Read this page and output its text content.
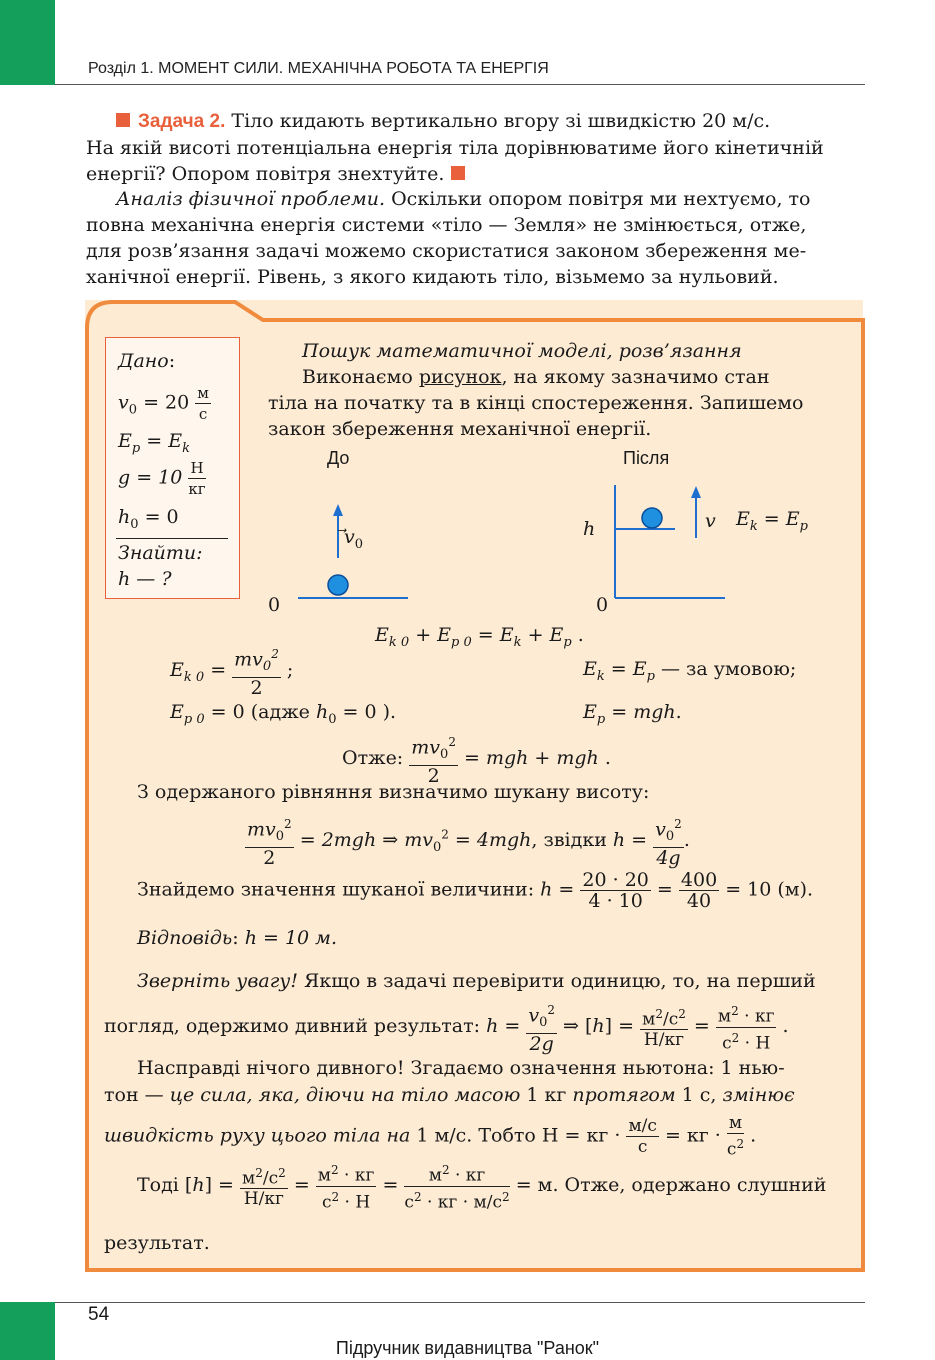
Розділ 1. МОМЕНТ СИЛИ. МЕХАНІЧНА РОБОТА ТА ЕНЕРГІЯ
Задача 2. Тіло кидають вертикально вгору зі швидкістю 20 м/с.
На якій висоті потенціальна енергія тіла дорівнюватиме його кінетичній
енергії? Опором повітря знехтуйте.
Аналіз фізичної проблеми. Оскільки опором повітря ми нехтуємо, то
повна механічна енергія системи «тіло — Земля» не змінюється, отже,
для розв’язання задачі можемо скористатися законом збереження ме-
ханічної енергії. Рівень, з якого кидають тіло, візьмемо за нульовий.
Дано:
$v_0 = 20 \frac{м}{с}$
$E_p = E_k$
$g = 10 \frac{Н}{кг}$
$h_0 = 0$
Знайти:
h — ?
Пошук математичної моделі, розв’язання
Виконаємо рисунок, на якому зазначимо стан
тіла на початку та в кінці спостереження. Запишемо
закон збереження механічної енергії.
До	Після
$v_0$
v $E_k = E_p$
h
0	0
$E_{k 0} + E_{p 0} = E_k + E_p$ .
$E_{k 0} = \frac{mv_0^2}{2}$ ;	$E_k = E_p$ — за умовою;
$E_{p 0} = 0$ (адже $h_0 = 0$ ).	$E_p$ = mgh.
Отже: $\frac{mv_0^2}{2}$ = mgh + mgh .
З одержаного рівняння визначимо шукану висоту:
$\frac{mv_0^2}{2} = 2mgh$ ⇒ $mv_0^2 = 4mgh$, звідки $h = \frac{v_0^2}{4g}$ .
Знайдемо значення шуканої величини: $h = \frac{20 \cdot 20}{4 \cdot 10} = \frac{400}{40} = 10$ (м).
Відповідь: h = 10 м.
Зверніть увагу! Якщо в задачі перевірити одиницю, то, на перший
погляд, одержимо дивний результат: $h = \frac{v_0^2}{2g}$ ⇒ $[h] = \frac{м^2/с^2}{Н/кг} = \frac{м^2 \cdot кг}{с^2 \cdot Н}$ .
Насправді нічого дивного! Згадаємо означення ньютона: 1 нью-
тон — це сила, яка, діючи на тіло масою 1 кг протягом 1 с, змінює
швидкість руху цього тіла на 1 м/с. Тобто Н = кг · $\frac{м/с}{с}$ = кг · $\frac{м}{с^2}$ .
Тоді $[h] = \frac{м^2/с^2}{Н/кг} = \frac{м^2 \cdot кг}{с^2 \cdot Н} = \frac{м^2 \cdot кг}{с^2 \cdot кг \cdot м/с^2} = м$. Отже, одержано слушний
результат.
54
Підручник видавництва "Ранок"
